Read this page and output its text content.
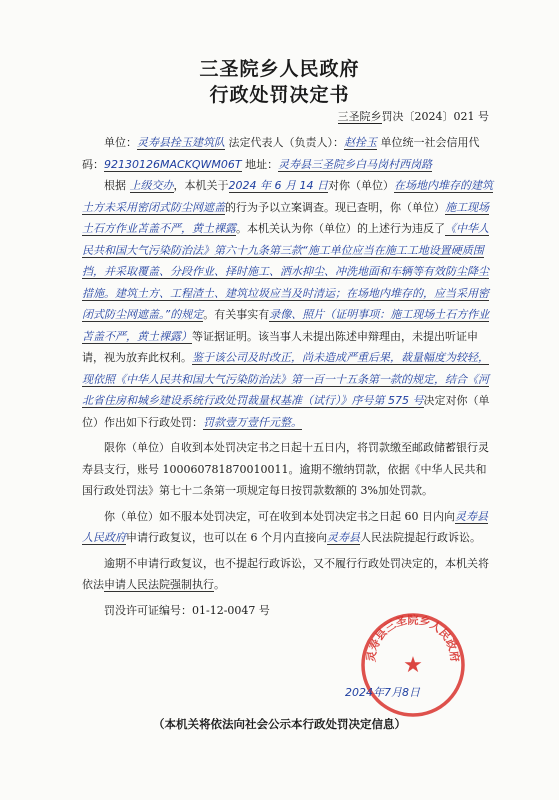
三圣院乡人民政府
行政处罚决定书
三圣院乡罚决〔2024〕021 号

单位：灵寿县拴玉建筑队 法定代表人（负责人）：赵拴玉 单位统一社会信用代码：92130126MACKQWM06T 地址：灵寿县三圣院乡白马岗村西岗路

根据 上级交办，本机关于2024 年 6 月 14 日对你（单位）在场地内堆存的建筑土方未采用密闭式防尘网遮盖的行为予以立案调查。现已查明，你（单位）施工现场土石方作业苫盖不严，黄土裸露。本机关认为你（单位）的上述行为违反了《中华人民共和国大气污染防治法》第六十九条第三款“施工单位应当在施工工地设置硬质围挡，并采取覆盖、分段作业、择时施工、洒水抑尘、冲洗地面和车辆等有效防尘降尘措施。建筑土方、工程渣土、建筑垃圾应当及时清运；在场地内堆存的，应当采用密闭式防尘网遮盖。”的规定。有关事实有录像、照片（证明事项：施工现场土石方作业苫盖不严，黄土裸露）等证据证明。该当事人未提出陈述申辩理由，未提出听证申请，视为放弃此权利。鉴于该公司及时改正，尚未造成严重后果，裁量幅度为较轻，现依照《中华人民共和国大气污染防治法》第一百一十五条第一款的规定，结合《河北省住房和城乡建设系统行政处罚裁量权基准（试行）》序号第 575 号决定对你（单位）作出如下行政处罚：罚款壹万壹仟元整。

限你（单位）自收到本处罚决定书之日起十五日内，将罚款缴至邮政储蓄银行灵寿县支行，账号 100060781870010011。逾期不缴纳罚款，依据《中华人民共和国行政处罚法》第七十二条第一项规定每日按罚款数额的 3%加处罚款。

你（单位）如不服本处罚决定，可在收到本处罚决定书之日起 60 日内向灵寿县人民政府申请行政复议，也可以在 6 个月内直接向灵寿县人民法院提起行政诉讼。

逾期不申请行政复议，也不提起行政诉讼，又不履行行政处罚决定的，本机关将依法申请人民法院强制执行。

罚没许可证编号：01-12-0047 号

灵寿县三圣院乡人民政府
★
2024年7月8日
（本机关将依法向社会公示本行政处罚决定信息）
